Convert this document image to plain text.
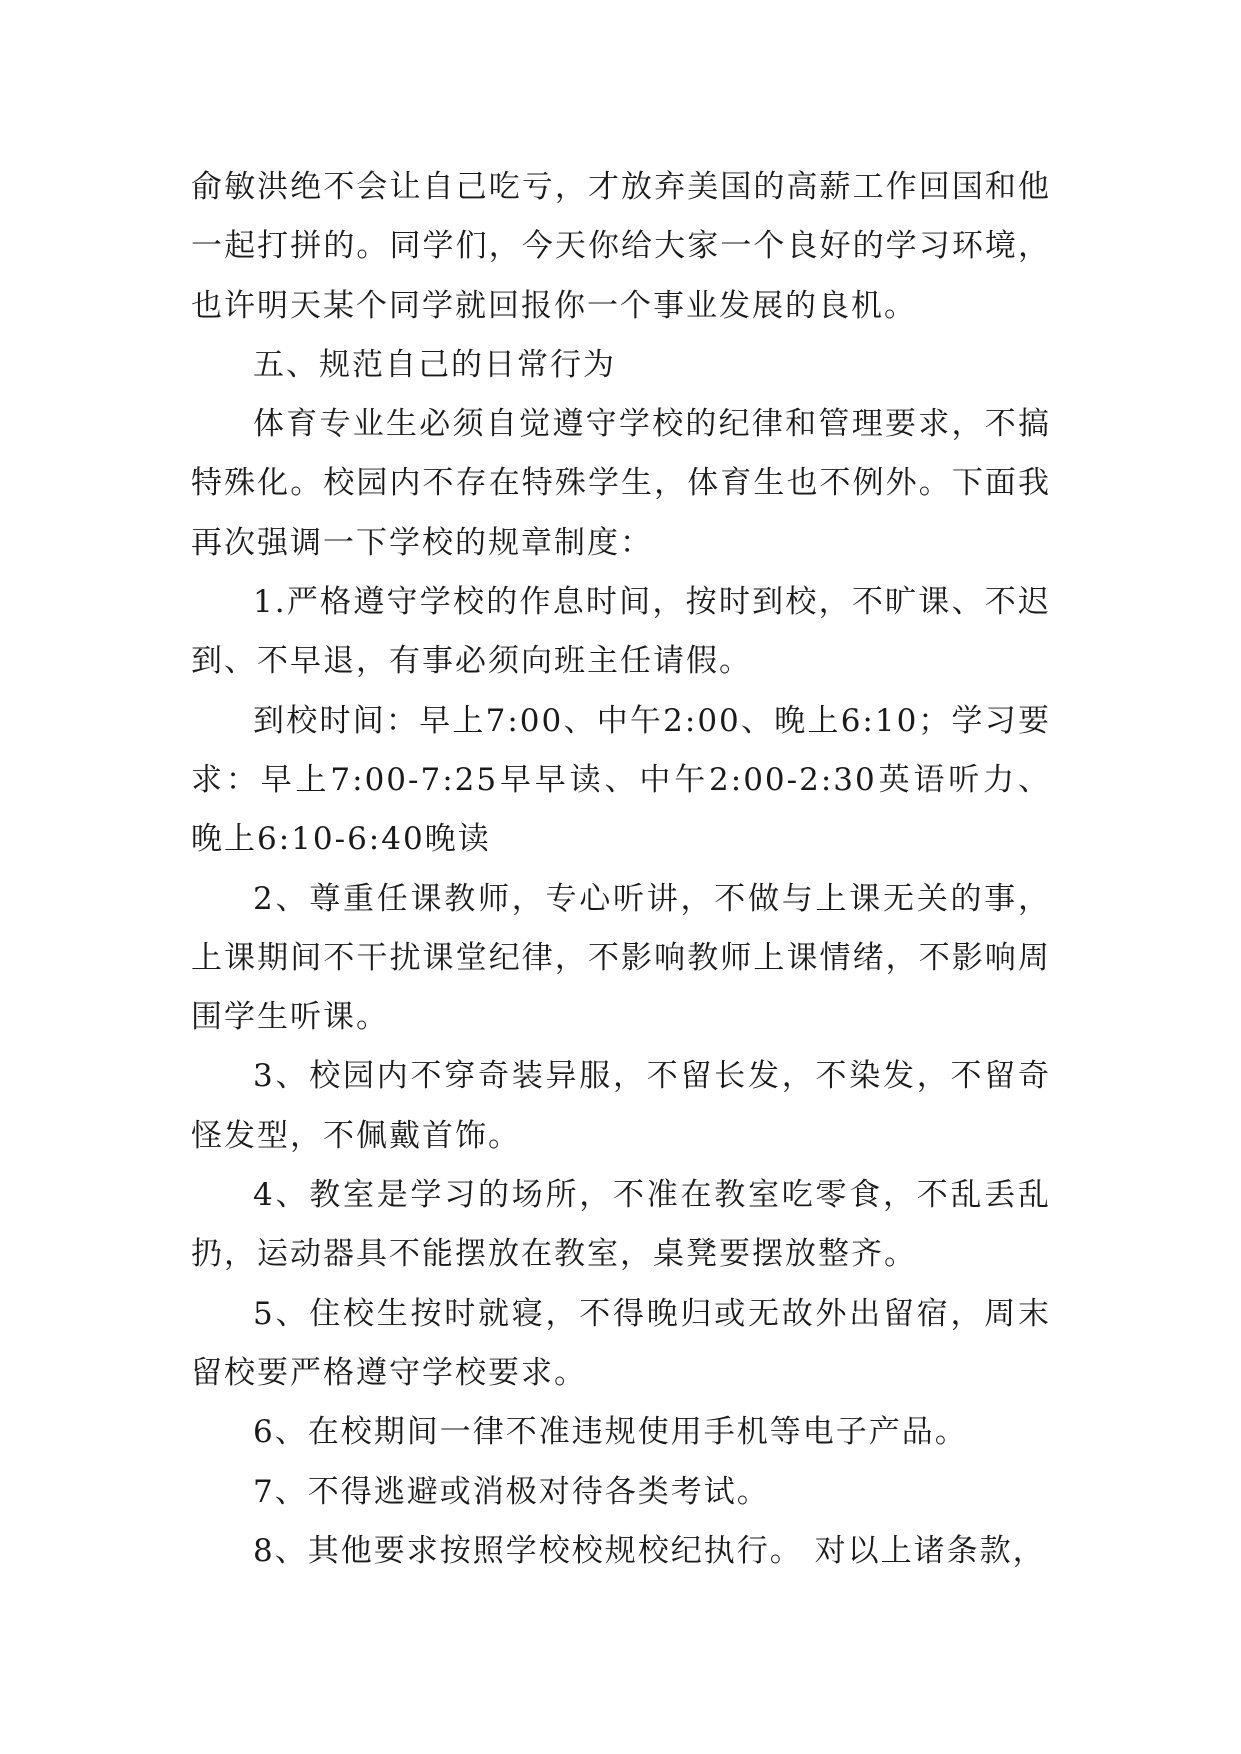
俞敏洪绝不会让自己吃亏，才放弃美国的高薪工作回国和他一起打拼的。同学们，今天你给大家一个良好的学习环境，也许明天某个同学就回报你一个事业发展的良机。

五、规范自己的日常行为

体育专业生必须自觉遵守学校的纪律和管理要求，不搞特殊化。校园内不存在特殊学生，体育生也不例外。下面我再次强调一下学校的规章制度：

1.严格遵守学校的作息时间，按时到校，不旷课、不迟到、不早退，有事必须向班主任请假。

到校时间：早上7:00、中午2:00、晚上6:10；学习要求：早上7:00-7:25早早读、中午2:00-2:30英语听力、晚上6:10-6:40晚读

2、尊重任课教师，专心听讲，不做与上课无关的事，上课期间不干扰课堂纪律，不影响教师上课情绪，不影响周围学生听课。

3、校园内不穿奇装异服，不留长发，不染发，不留奇怪发型，不佩戴首饰。

4、教室是学习的场所，不准在教室吃零食，不乱丢乱扔，运动器具不能摆放在教室，桌凳要摆放整齐。

5、住校生按时就寝，不得晚归或无故外出留宿，周末留校要严格遵守学校要求。

6、在校期间一律不准违规使用手机等电子产品。

7、不得逃避或消极对待各类考试。

8、其他要求按照学校校规校纪执行。 对以上诸条款，
